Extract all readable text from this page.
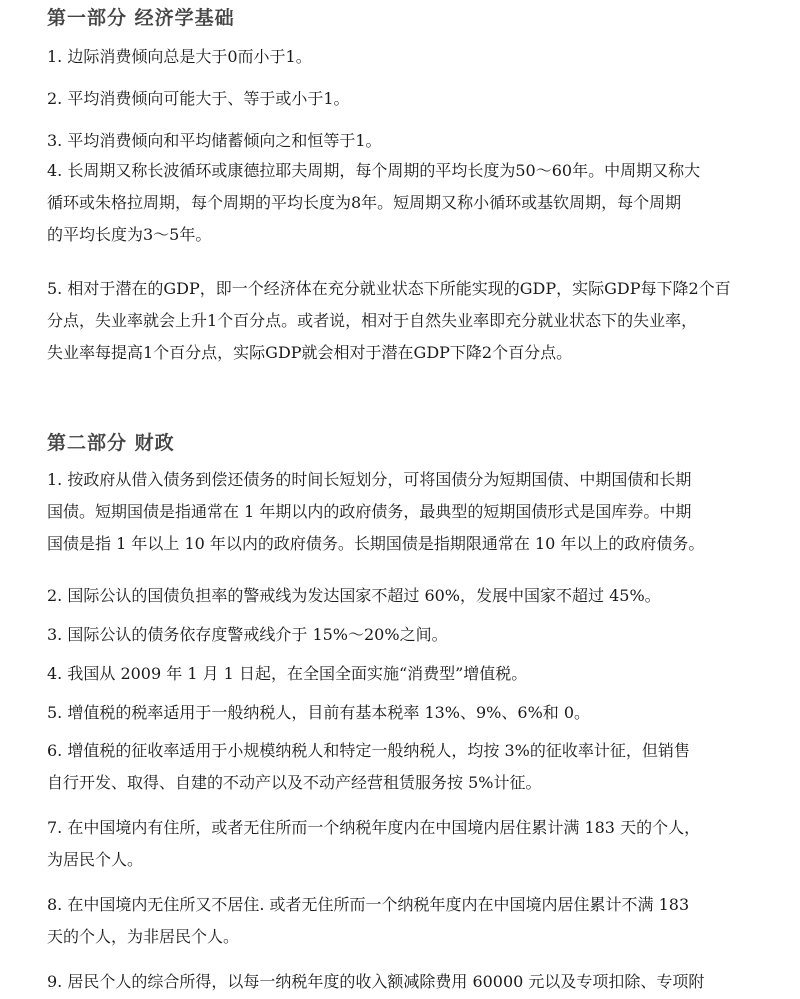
第一部分 经济学基础

1. 边际消费倾向总是大于0而小于1。

2. 平均消费倾向可能大于、等于或小于1。

3. 平均消费倾向和平均储蓄倾向之和恒等于1。

4. 长周期又称长波循环或康德拉耶夫周期，每个周期的平均长度为50～60年。中周期又称大
循环或朱格拉周期，每个周期的平均长度为8年。短周期又称小循环或基钦周期，每个周期
的平均长度为3～5年。

5. 相对于潜在的GDP，即一个经济体在充分就业状态下所能实现的GDP，实际GDP每下降2个百
分点，失业率就会上升1个百分点。或者说，相对于自然失业率即充分就业状态下的失业率，
失业率每提高1个百分点，实际GDP就会相对于潜在GDP下降2个百分点。

第二部分 财政

1. 按政府从借入债务到偿还债务的时间长短划分，可将国债分为短期国债、中期国债和长期
国债。短期国债是指通常在 1 年期以内的政府债务，最典型的短期国债形式是国库券。中期
国债是指 1 年以上 10 年以内的政府债务。长期国债是指期限通常在 10 年以上的政府债务。

2. 国际公认的国债负担率的警戒线为发达国家不超过 60%，发展中国家不超过 45%。

3. 国际公认的债务依存度警戒线介于 15%～20%之间。

4. 我国从 2009 年 1 月 1 日起，在全国全面实施“消费型”增值税。

5. 增值税的税率适用于一般纳税人，目前有基本税率 13%、9%、6%和 0。

6. 增值税的征收率适用于小规模纳税人和特定一般纳税人，均按 3%的征收率计征，但销售
自行开发、取得、自建的不动产以及不动产经营租赁服务按 5%计征。

7. 在中国境内有住所，或者无住所而一个纳税年度内在中国境内居住累计满 183 天的个人，
为居民个人。

8. 在中国境内无住所又不居住. 或者无住所而一个纳税年度内在中国境内居住累计不满 183
天的个人，为非居民个人。

9. 居民个人的综合所得，以每一纳税年度的收入额减除费用 60000 元以及专项扣除、专项附
